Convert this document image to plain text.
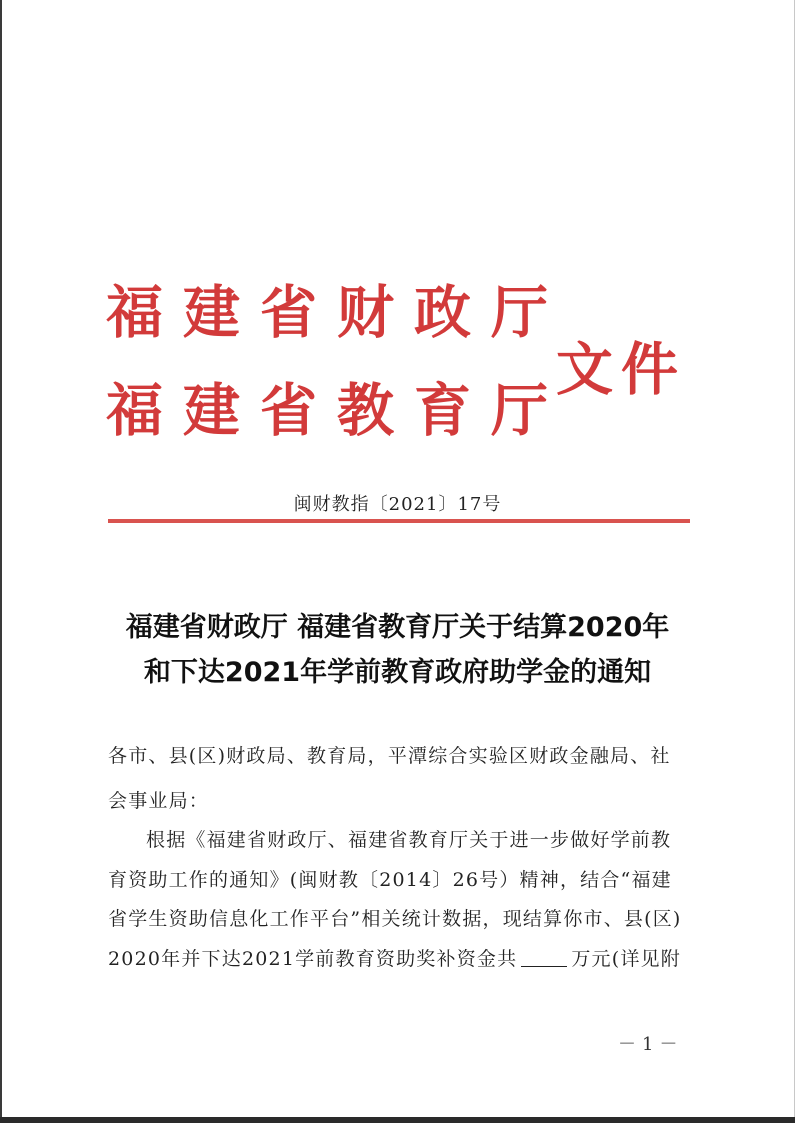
福建省财政厅
福建省教育厅
文件
闽财教指〔2021〕17号
福建省财政厅 福建省教育厅关于结算2020年
和下达2021年学前教育政府助学金的通知
各市、县(区)财政局、教育局，平潭综合实验区财政金融局、社
会事业局：
根据《福建省财政厅、福建省教育厅关于进一步做好学前教
育资助工作的通知》(闽财教〔2014〕26号）精神，结合“福建
省学生资助信息化工作平台”相关统计数据，现结算你市、县(区)
2020年并下达2021学前教育资助奖补资金共	万元(详见附
－1－
